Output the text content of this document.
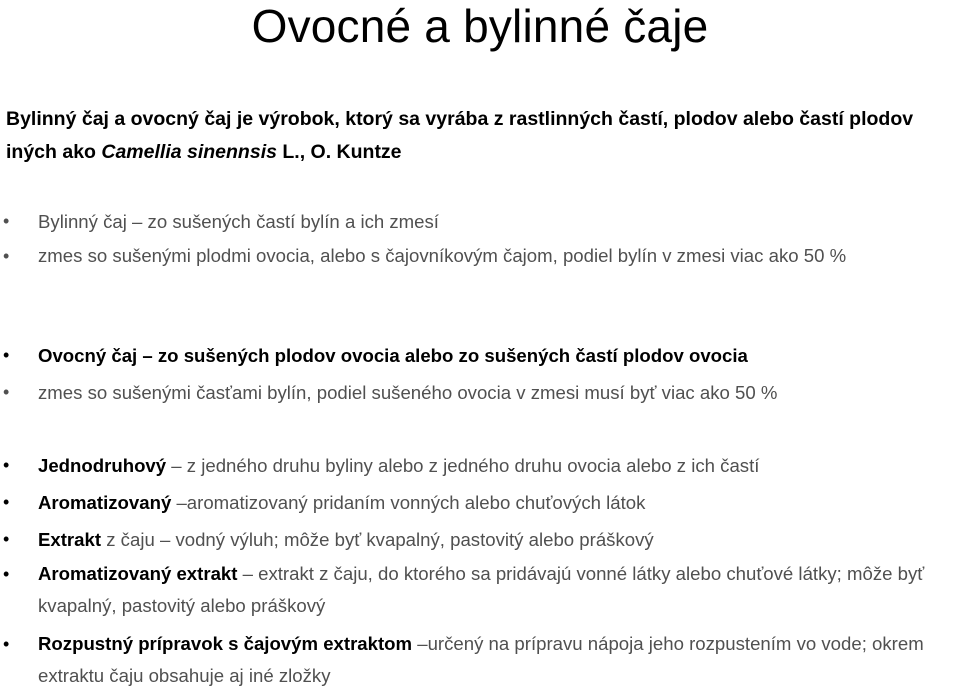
Ovocné a bylinné čaje
Bylinný čaj a ovocný čaj je výrobok, ktorý sa vyrába z rastlinných častí, plodov alebo častí plodov iných ako Camellia sinennsis L., O. Kuntze
• Bylinný čaj – zo sušených častí bylín a ich zmesí
• zmes so sušenými plodmi ovocia, alebo s čajovníkovým čajom, podiel bylín v zmesi viac ako 50 %
• Ovocný čaj – zo sušených plodov ovocia alebo zo sušených častí plodov ovocia
• zmes so sušenými časťami bylín, podiel sušeného ovocia v zmesi musí byť viac ako 50 %
• Jednodruhový – z jedného druhu byliny alebo z jedného druhu ovocia alebo z ich častí
• Aromatizovaný –aromatizovaný pridaním vonných alebo chuťových látok
• Extrakt z čaju – vodný výluh; môže byť kvapalný, pastovitý alebo práškový
• Aromatizovaný extrakt – extrakt z čaju, do ktorého sa pridávajú vonné látky alebo chuťové látky; môže byť kvapalný, pastovitý alebo práškový
• Rozpustný prípravok s čajovým extraktom –určený na prípravu nápoja jeho rozpustením vo vode; okrem extraktu čaju obsahuje aj iné zložky
